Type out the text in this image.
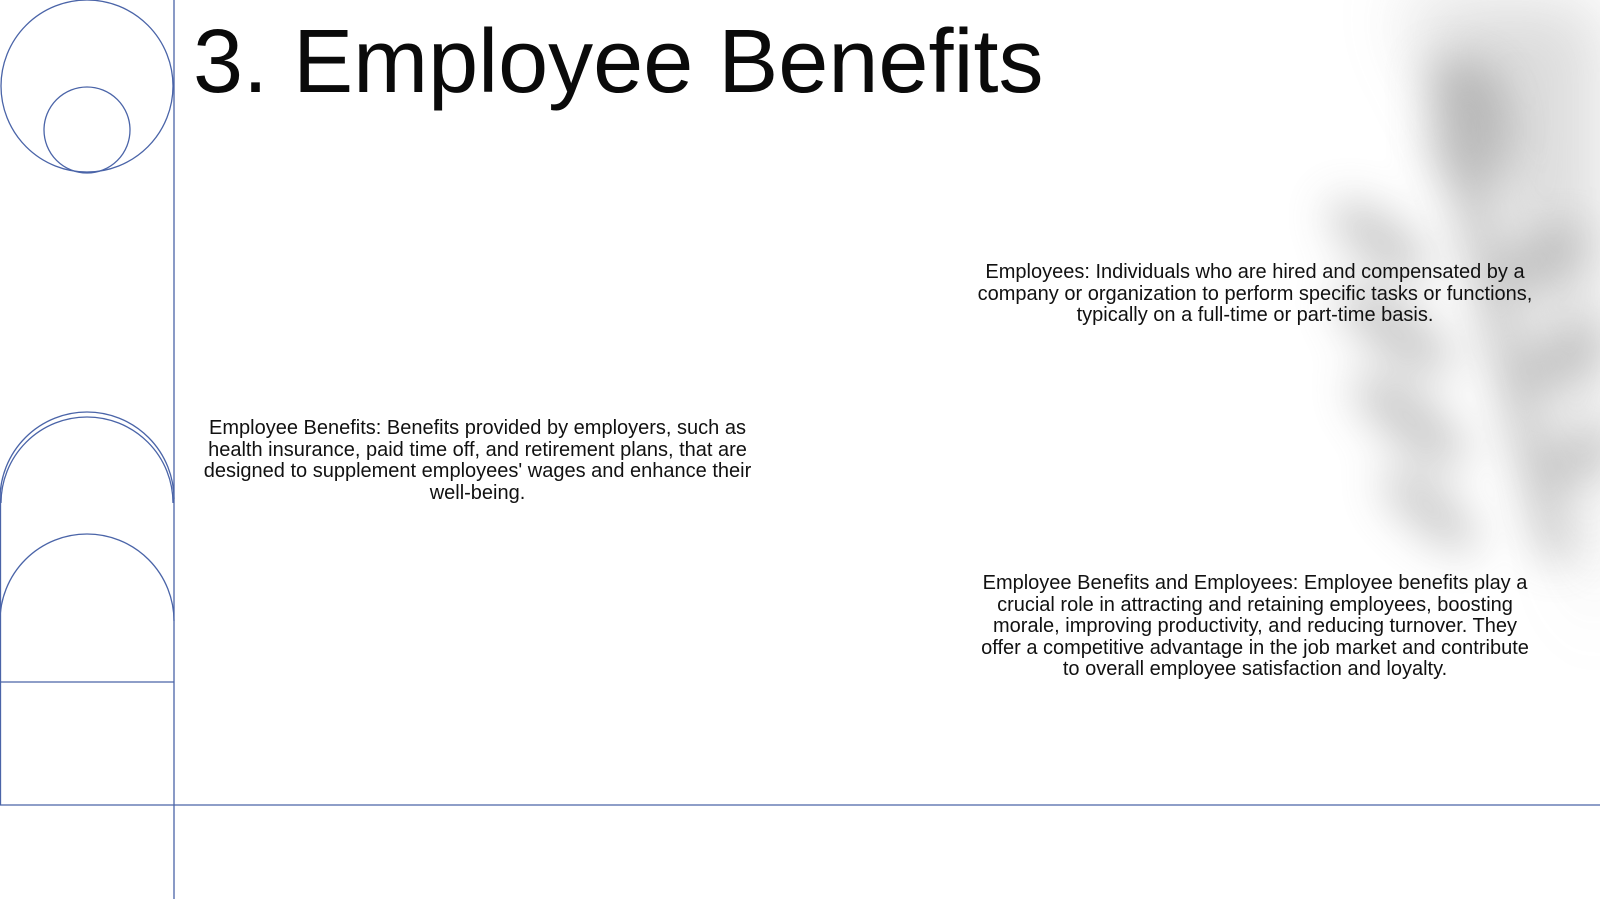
3. Employee Benefits

Employees: Individuals who are hired and compensated by a company or organization to perform specific tasks or functions, typically on a full-time or part-time basis.

Employee Benefits: Benefits provided by employers, such as health insurance, paid time off, and retirement plans, that are designed to supplement employees' wages and enhance their well-being.

Employee Benefits and Employees: Employee benefits play a crucial role in attracting and retaining employees, boosting morale, improving productivity, and reducing turnover. They offer a competitive advantage in the job market and contribute to overall employee satisfaction and loyalty.
